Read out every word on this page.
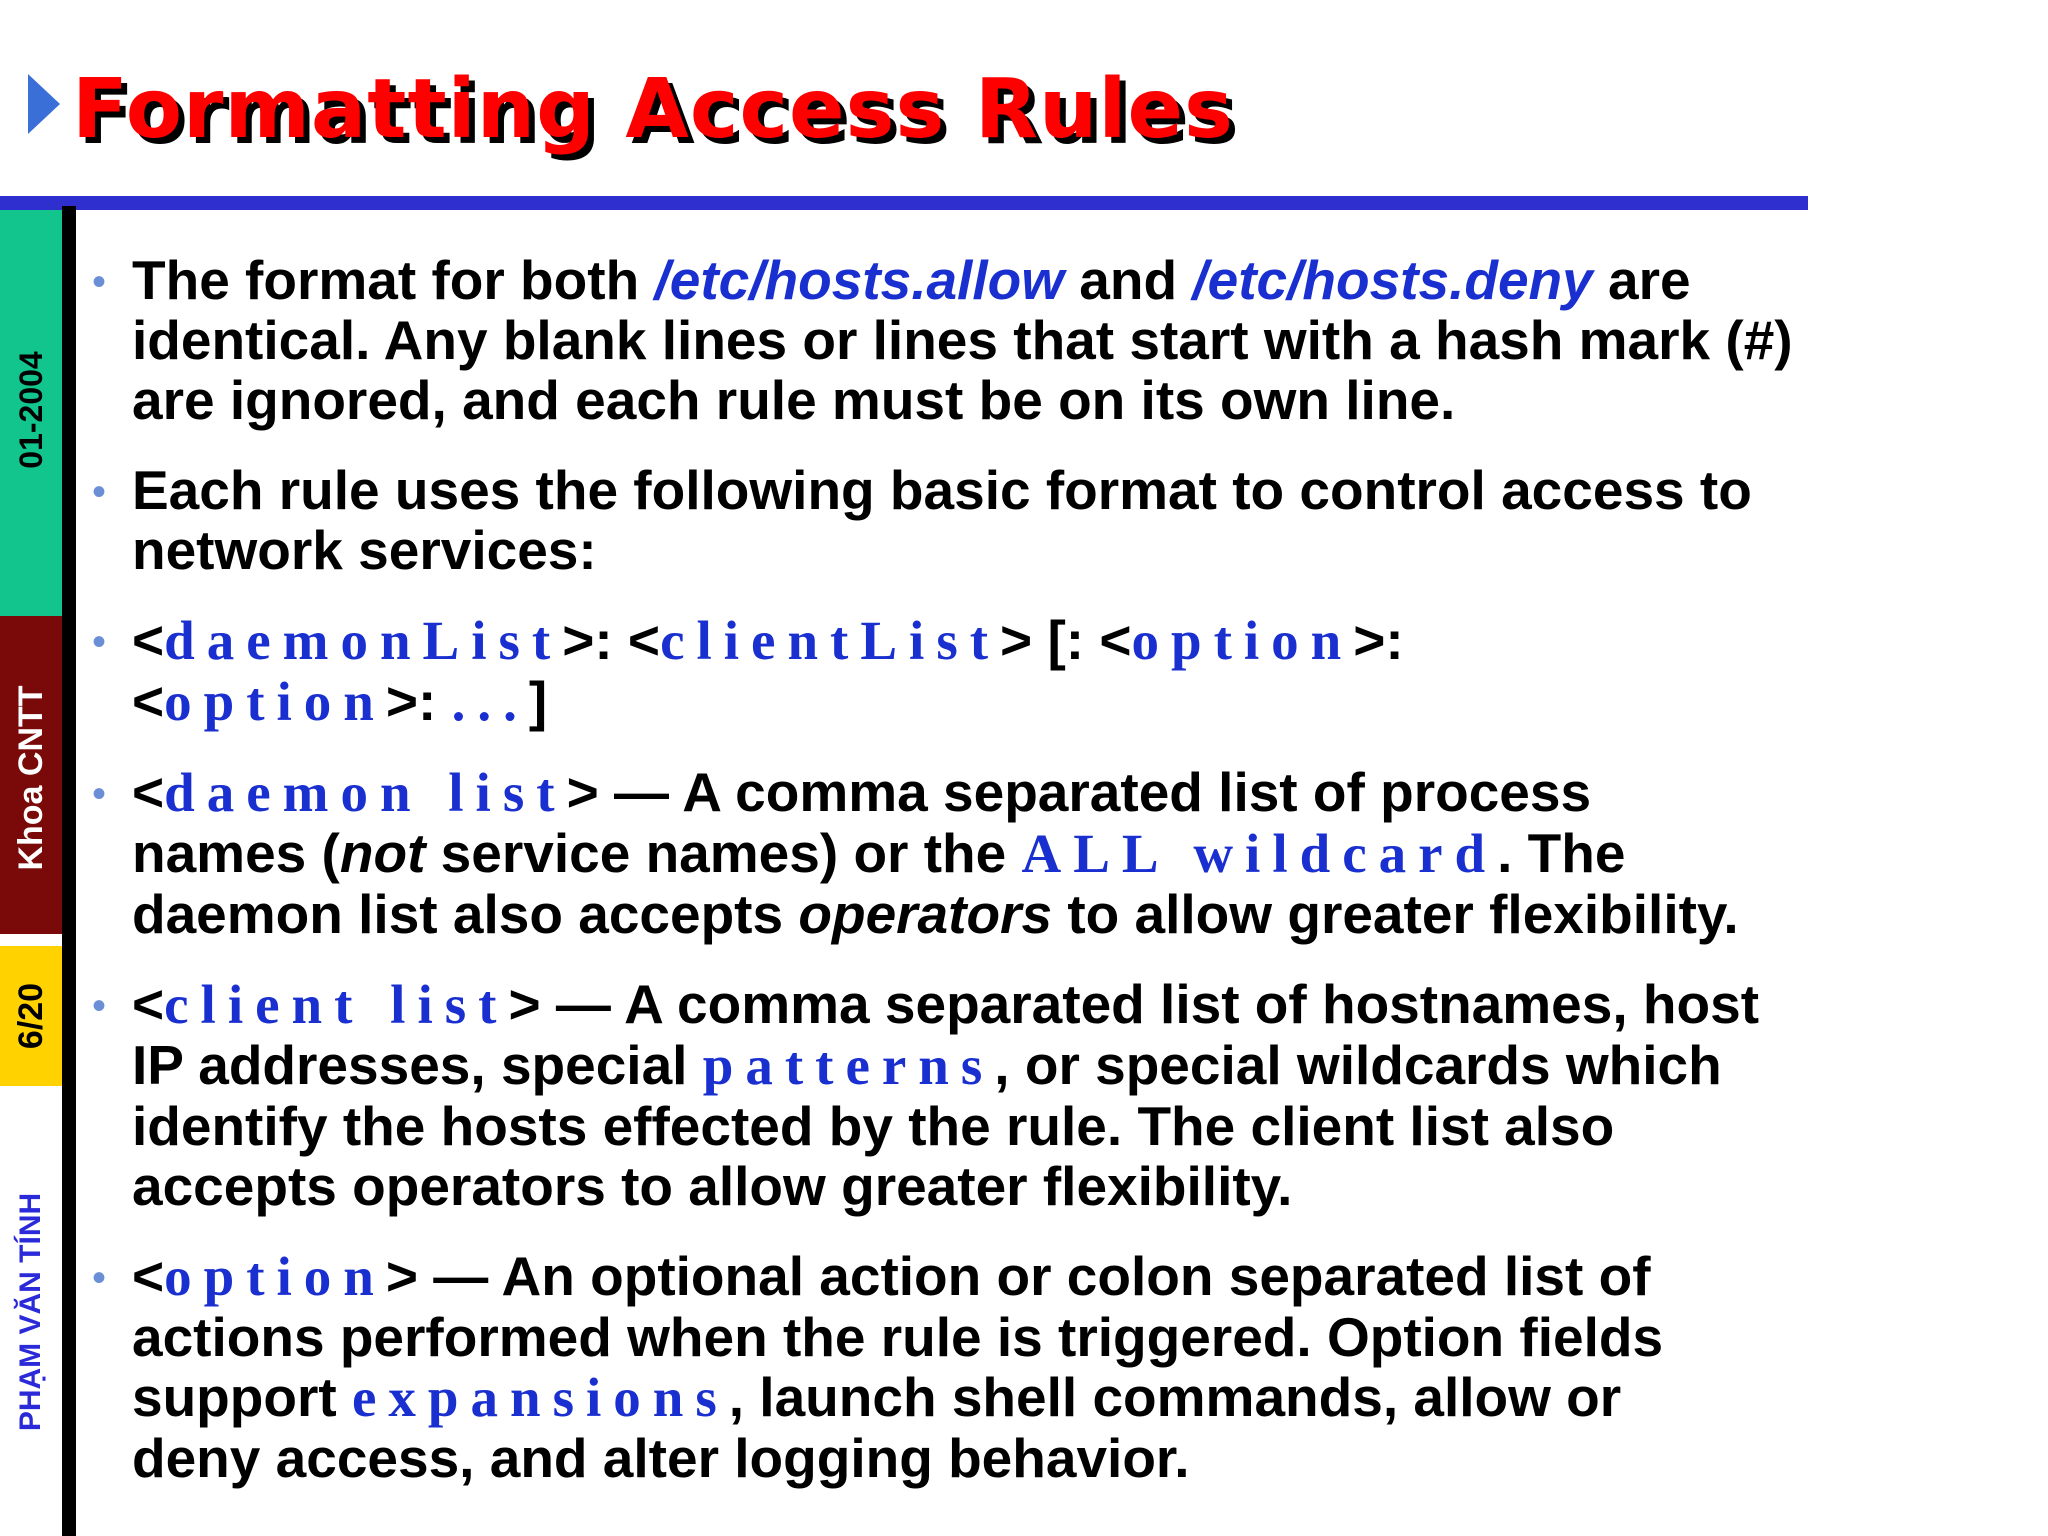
Formatting Access Rules
01-2004
Khoa CNTT
6/20
PHẠM VĂN TÍNH
• The format for both /etc/hosts.allow and /etc/hosts.deny are
identical. Any blank lines or lines that start with a hash mark (#)
are ignored, and each rule must be on its own line.
• Each rule uses the following basic format to control access to
network services:
• <daemonList>: <clientList> [: <option>:
<option>: ...]
• <daemon list> — A comma separated list of process
names (not service names) or the ALL wildcard. The
daemon list also accepts operators to allow greater flexibility.
• <client list> — A comma separated list of hostnames, host
IP addresses, special patterns, or special wildcards which
identify the hosts effected by the rule. The client list also
accepts operators to allow greater flexibility.
• <option> — An optional action or colon separated list of
actions performed when the rule is triggered. Option fields
support expansions, launch shell commands, allow or
deny access, and alter logging behavior.
